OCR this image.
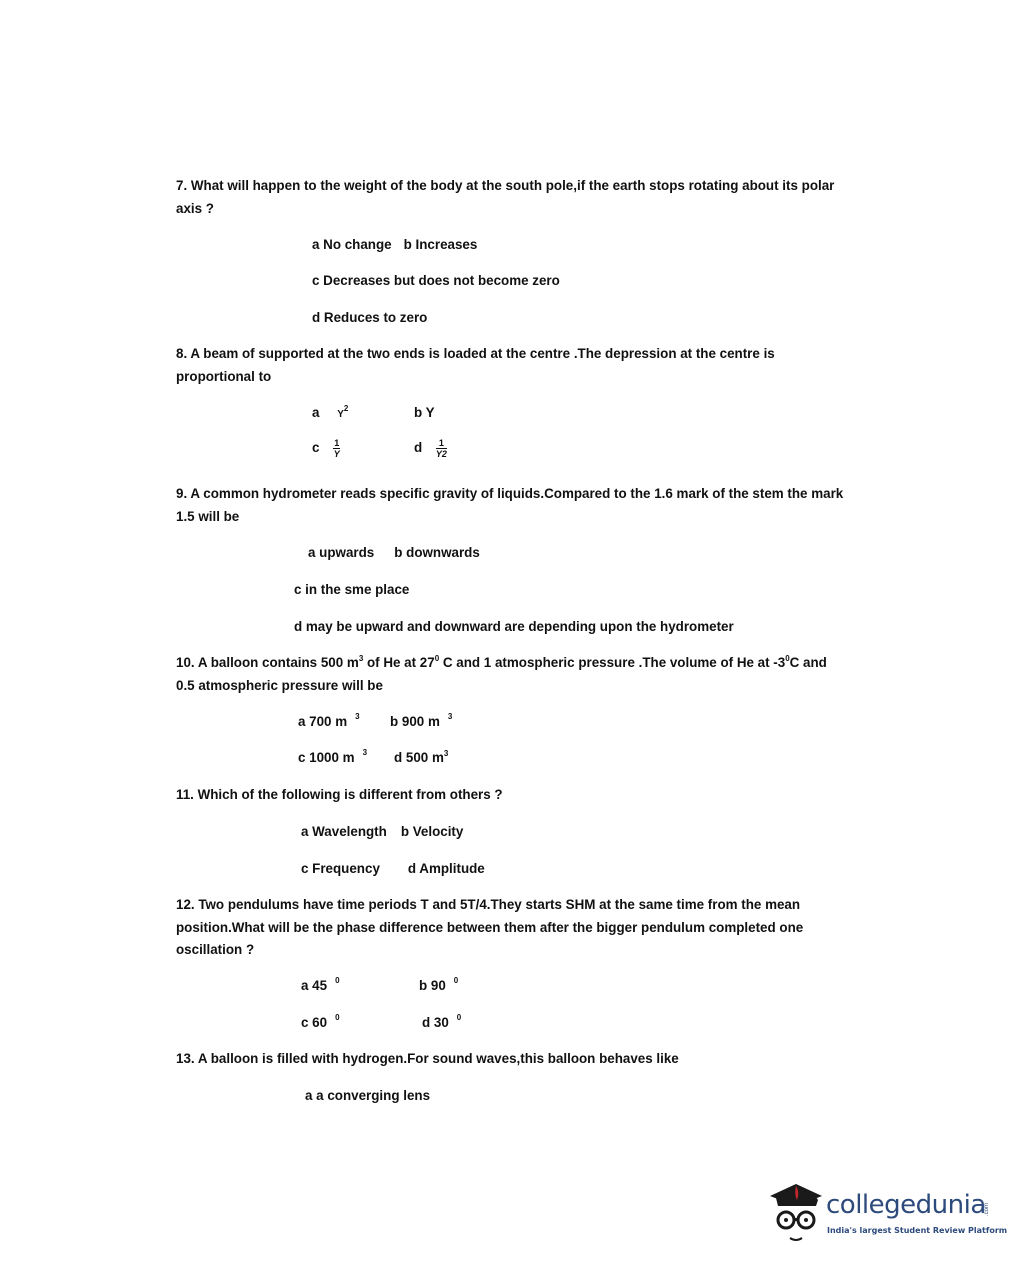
7. What will happen to the weight of the body at the south pole,if the earth stops rotating about its polar axis ?
a No change b Increases
c Decreases but does not become zero
d Reduces to zero
8. A beam of supported at the two ends is loaded at the centre .The depression at the centre is proportional to
a $Y^2$	b Y
c $\frac{1}{Y}$	d $\frac{1}{Y2}$
9. A common hydrometer reads specific gravity of liquids.Compared to the 1.6 mark of the stem the mark 1.5 will be
a upwards b downwards
c in the sme place
d may be upward and downward are depending upon the hydrometer
10. A balloon contains 500 $m^3$ of He at $27^0$ C and 1 atmospheric pressure .The volume of He at $-3^0C$ and 0.5 atmospheric pressure will be
a 700 m $^3$ b 900 m $^3$
c 1000 m $^3$ d 500 $m^3$
11. Which of the following is different from others ?
a Wavelength b Velocity
c Frequency d Amplitude
12. Two pendulums have time periods T and 5T/4.They starts SHM at the same time from the mean position.What will be the phase difference between them after the bigger pendulum completed one oscillation ?
a 45 $^0$	b 90 $^0$
c 60 $^0$	d 30 $^0$
13. A balloon is filled with hydrogen.For sound waves,this balloon behaves like
a a converging lens
collegedunia
.com
India's largest Student Review Platform
